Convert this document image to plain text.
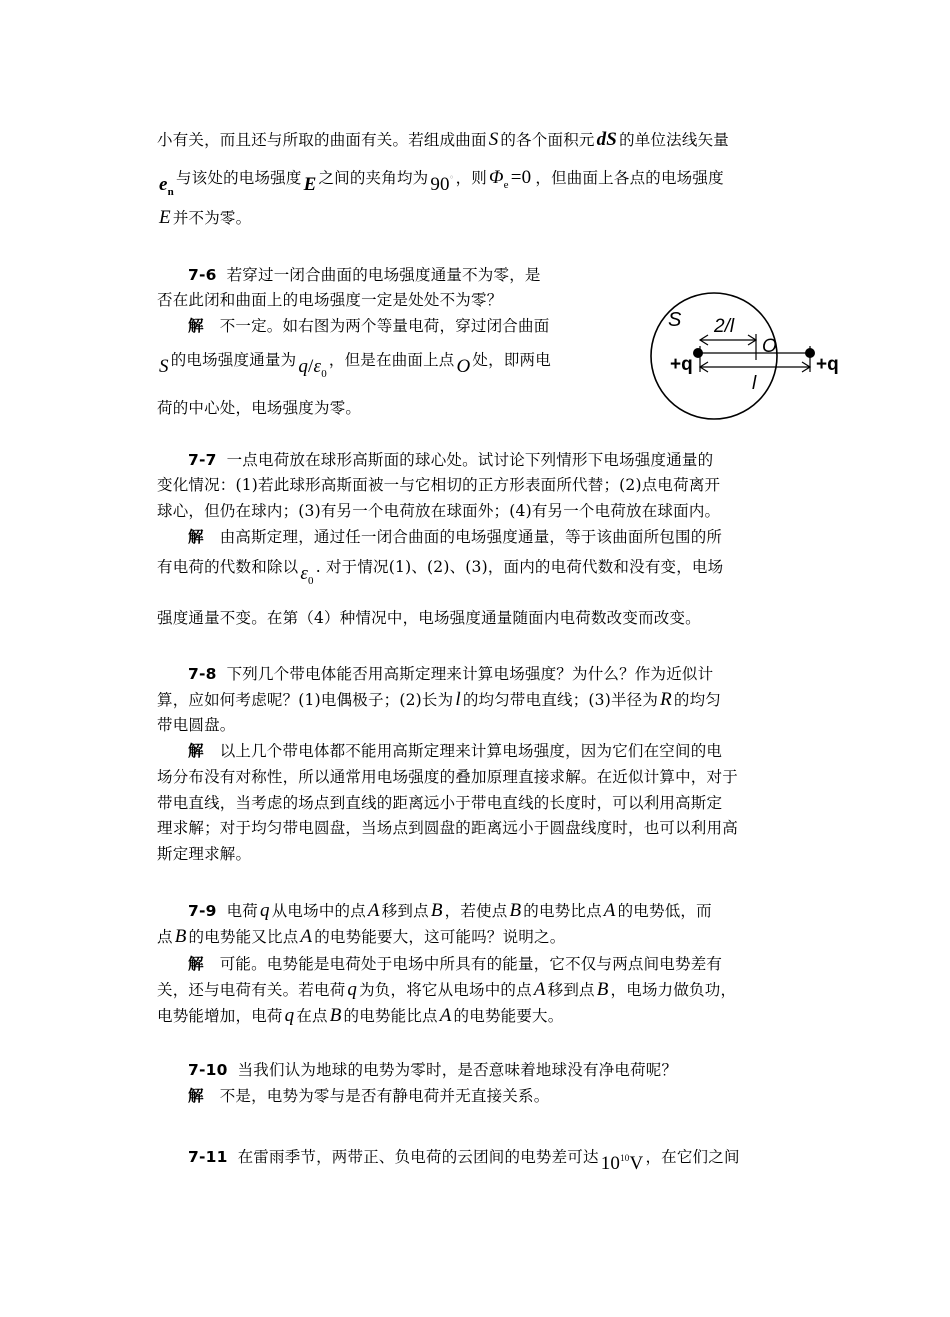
小有关，而且还与所取的曲面有关。若组成曲面 S 的各个面积元 dS 的单位法线矢量
$e_n$与该处的电场强度 E 之间的夹角均为 90° ，则 $\Phi_e =0$ ，但曲面上各点的电场强度
E 并不为零。
7-6 若穿过一闭合曲面的电场强度通量不为零，是
否在此闭和曲面上的电场强度一定是处处不为零？
解 不一定。如右图为两个等量电荷，穿过闭合曲面
S 的电场强度通量为 $q/\varepsilon_0$，但是在曲面上点 O 处，即两电
荷的中心处，电场强度为零。
S 2/l
O
+q	+q
l
7-7 一点电荷放在球形高斯面的球心处。试讨论下列情形下电场强度通量的
变化情况：(1)若此球形高斯面被一与它相切的正方形表面所代替；(2)点电荷离开
球心，但仍在球内；(3)有另一个电荷放在球面外；(4)有另一个电荷放在球面内。
解 由高斯定理，通过任一闭合曲面的电场强度通量，等于该曲面所包围的所
有电荷的代数和除以 $\varepsilon_0$. 对于情况(1)、(2)、(3)，面内的电荷代数和没有变，电场
强度通量不变。在第（4）种情况中，电场强度通量随面内电荷数改变而改变。
7-8 下列几个带电体能否用高斯定理来计算电场强度？为什么？作为近似计
算，应如何考虑呢？(1)电偶极子；(2)长为 l 的均匀带电直线；(3)半径为 R 的均匀
带电圆盘。
解 以上几个带电体都不能用高斯定理来计算电场强度，因为它们在空间的电
场分布没有对称性，所以通常用电场强度的叠加原理直接求解。在近似计算中，对于
带电直线，当考虑的场点到直线的距离远小于带电直线的长度时，可以利用高斯定
理求解；对于均匀带电圆盘，当场点到圆盘的距离远小于圆盘线度时，也可以利用高
斯定理求解。
7-9 电荷 q 从电场中的点 A 移到点 B ，若使点 B 的电势比点 A 的电势低，而
点 B 的电势能又比点 A 的电势能要大，这可能吗？说明之。
解 可能。电势能是电荷处于电场中所具有的能量，它不仅与两点间电势差有
关，还与电荷有关。若电荷 q 为负，将它从电场中的点 A 移到点 B ，电场力做负功，
电势能增加，电荷 q 在点 B 的电势能比点 A 的电势能要大。
7-10 当我们认为地球的电势为零时，是否意味着地球没有净电荷呢？
解 不是，电势为零与是否有静电荷并无直接关系。
7-11 在雷雨季节，两带正、负电荷的云团间的电势差可达 $10^{10}V$ ，在它们之间
